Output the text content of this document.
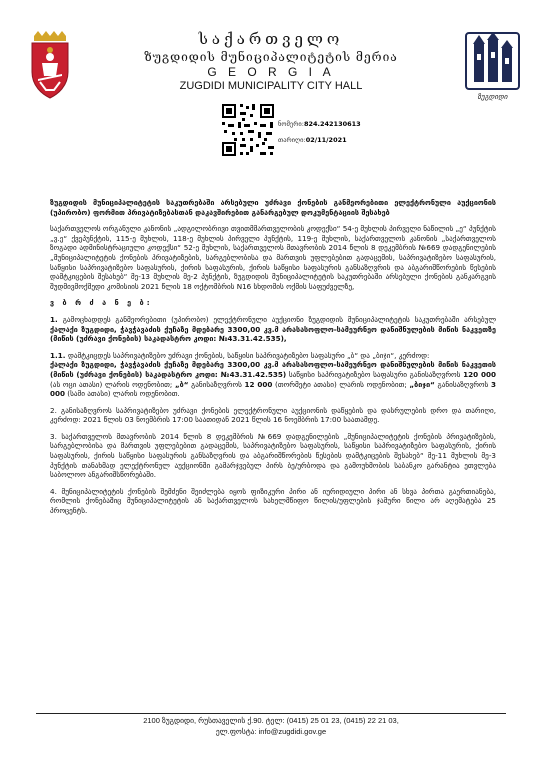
საქართველო
ზუგდიდის მუნიციპალიტეტის მერია
G E O R G I A
ZUGDIDI MUNICIPALITY CITY HALL
ზუგდიდი
ნომერი:824.242130613
თარიღი:02/11/2021

ზუგდიდის მუნიციპალიტეტის საკუთრებაში არსებული უძრავი ქონების განმეორებითი ელექტრონული აუქციონის (უპირობო) ფორმით პრივატიზებასთან დაკავშირებით განარგებულ დოკუმენტაციის შესახებ

საქართველოს ორგანული კანონის „ადგილობრივი თვითმმართველობის კოდექსი“ 54-ე მუხლის პირველი ნაწილის „ე“ პუნქტის „ვ.ე“ ქვეპუნქტის, 115-ე მუხლის, 118-ე მუხლის პირველი პუნქტის, 119-ე მუხლის, საქართველოს კანონის „საქართველოს ზოგადი ადმინისტრაციული კოდექსი“ 52-ე მუხლის, საქართველოს მთავრობის 2014 წლის 8 დეკემბრის №669 დადგენილების „მუნიციპალიტეტის ქონების პრივატიზების, სარგებლობისა და მართვის უფლებებით გადაცემის, საპრივატიზებო საფასურის, საწყისი საპრივატიზებო საფასურის, ქირის საფასურის, ქირის საწყისი საფასურის განსაზღვრის და აბგარიშწორების წესების დამტკიცების შესახებ“ მე-13 მუხლის მე-2 პუნქტის, ზუგდიდის მუნიციპალიტეტის საკუთრებაში არსებული ქონების განკარგვის შუდმივმოქმედი კომისიის 2021 წლის 18 ოქტომბრის N16 სხდომის ოქმის საფუძველზე,

ვ ბ რ ძ ა ნ ე ბ:

1. გამოცხადდეს განმეორებითი (უპირობო) ელექტრონული აუქციონი ზუგდიდის მუნიციპალიტეტის საკუთრებაში არსებულ ქალაქი ზუგდიდი, ჭავჭავაძის ქუჩაზე მდებარე 3300,00 კვ.მ არასასოფლო-სამეურნეო დანიშნულების მიწის ნაკვეთზე (მიწის (უძრავი ქონების) საკადასტრო კოდი: №43.31.42.535),

1.1. დამტკიცდეს საპრივატიზებო უძრავი ქონების, საწყისი საპრივატიზებო საფასური „ბ“ და „ბიჯი“, კერძოდ:

ქალაქი ზუგდიდი, ჭავჭავაძის ქუჩაზე მდებარე 3300,00 კვ.მ არასასოფლო-სამეურნეო დანიშნულების მიწის ნაკვეთის (მიწის (უძრავი ქონების) საკადასტრო კოდი: №43.31.42.535) საწყისი საპრივატიზებო საფასური განისაზღვროს 120 000 (ას ოცი ათასი) ლარის ოდენობით; „ბ“ განისაზღვროს 12 000 (თორმეტი ათასი) ლარის ოდენობით; „ბიჯი“ განისაზღვროს 3 000 (სამი ათასი) ლარის ოდენობით.

2. განისაზღვროს საპრივატიზებო უძრავი ქონების ელექტრონული აუქციონის დაწყების და დასრულების დრო და თარიღი, კერძოდ: 2021 წლის 03 ნოემბრის 17:00 საათიდან 2021 წლის 16 ნოემბრის 17:00 საათამდე.

3. საქართველოს მთავრობის 2014 წლის 8 დეკემბრის №669 დადგენილების „მუნიციპალიტეტის ქონების პრივატიზების, სარგებლობისა და მართვის უფლებებით გადაცემის, საპრივატიზებო საფასურის, საწყისი საპრივატიზებო საფასურის, ქირის საფასურის, ქირის საწყისი საფასურის განსაზღვრის და აბგარიშწორების წესების დამტკიცების შესახებ“ მე-11 მუხლის მე-3 პუნქტის თანახმად ელექტრონულ აუქციონში გამარჯვებულ პირს ბე/ურბოდა და გამოუხმობის საბანკო გარანტია ეთვლება საბოლოო ანგარიშსწორებაში.

4. მუნიციპალიტეტის ქონების შემძენი შეიძლება იყოს ფიზიკური პირი ან იურიდიული პირი ან სხვა პირთა გაერთიანება, რომლის ქონებაშიც მუნიციპალიტეტის ან საქართველოს სახელმწიფო წილის/უფლების ჯამური წილი არ აღემატება 25 პროცენტს.

2100 ზუგდიდი, რუსთაველის ქ.90. ტელ: (0415) 25 01 23, (0415) 22 21 03,
ელ.ფოსტა: info@zugdidi.gov.ge
